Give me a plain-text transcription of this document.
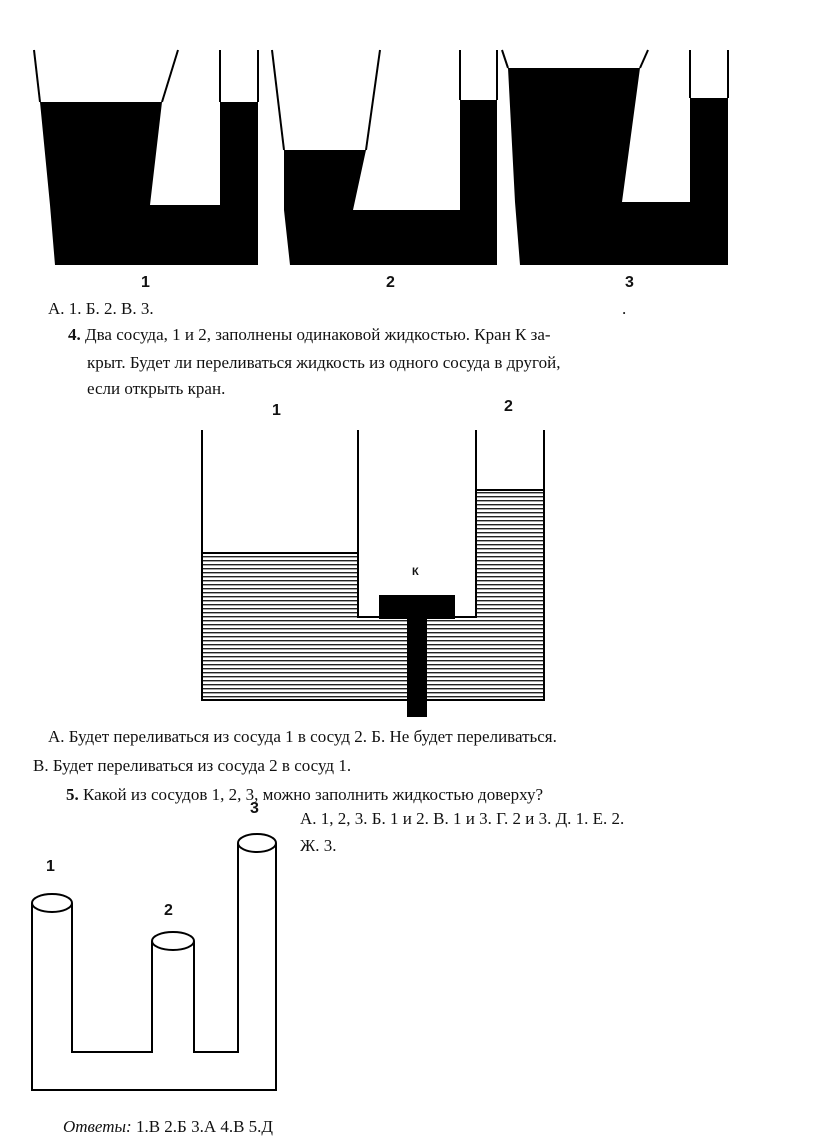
1	2	3
А. 1. Б. 2. В. 3.	.
4. Два сосуда, 1 и 2, заполнены одинаковой жидкостью. Кран К за-
крыт. Будет ли переливаться жидкость из одного сосуда в другой,
если открыть кран.
1	2
К
А. Будет переливаться из сосуда 1 в сосуд 2. Б. Не будет переливаться.
В. Будет переливаться из сосуда 2 в сосуд 1.
5. Какой из сосудов 1, 2, 3, можно заполнить жидкостью доверху?
А. 1, 2, 3. Б. 1 и 2. В. 1 и 3. Г. 2 и 3. Д. 1. Е. 2.
Ж. 3.
1
2
3
Ответы: 1.В 2.Б 3.А 4.В 5.Д
